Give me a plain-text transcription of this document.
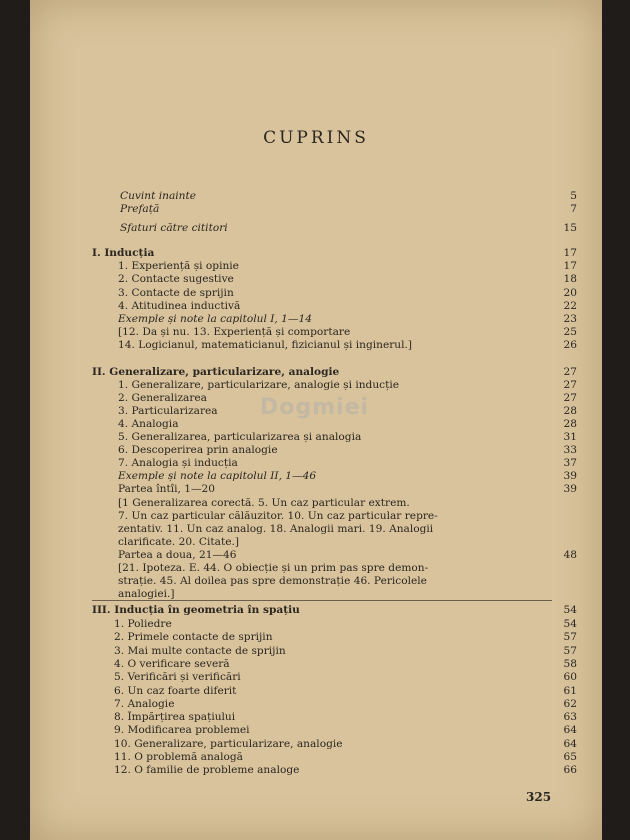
CUPRINS
Dogmiei
Cuvint inainte	5
Prefață	7
Sfaturi către cititori	15
I. Inducția	17
1. Experiență și opinie	17
2. Contacte sugestive	18
3. Contacte de sprijin	20
4. Atitudinea inductivă	22
Exemple și note la capitolul I, 1—14	23
[12. Da și nu. 13. Experiență și comportare	25
14. Logicianul, matematicianul, fizicianul și inginerul.]	26
II. Generalizare, particularizare, analogie	27
1. Generalizare, particularizare, analogie și inducție	27
2. Generalizarea	27
3. Particularizarea	28
4. Analogia	28
5. Generalizarea, particularizarea și analogia	31
6. Descoperirea prin analogie	33
7. Analogia și inducția	37
Exemple și note la capitolul II, 1—46	39
Partea întîi, 1—20	39
[1 Generalizarea corectă. 5. Un caz particular extrem.
7. Un caz particular călăuzitor. 10. Un caz particular repre-
zentativ. 11. Un caz analog. 18. Analogii mari. 19. Analogii
clarificate. 20. Citate.]
Partea a doua, 21—46	48
[21. Ipoteza. E. 44. O obiecție și un prim pas spre demon-
strație. 45. Al doilea pas spre demonstrație 46. Pericolele
analogiei.]
III. Inducția în geometria în spațiu	54
1. Poliedre	54
2. Primele contacte de sprijin	57
3. Mai multe contacte de sprijin	57
4. O verificare severă	58
5. Verificări și verificări	60
6. Un caz foarte diferit	61
7. Analogie	62
8. Împărțirea spațiului	63
9. Modificarea problemei	64
10. Generalizare, particularizare, analogie	64
11. O problemă analogă	65
12. O familie de probleme analoge	66
325
